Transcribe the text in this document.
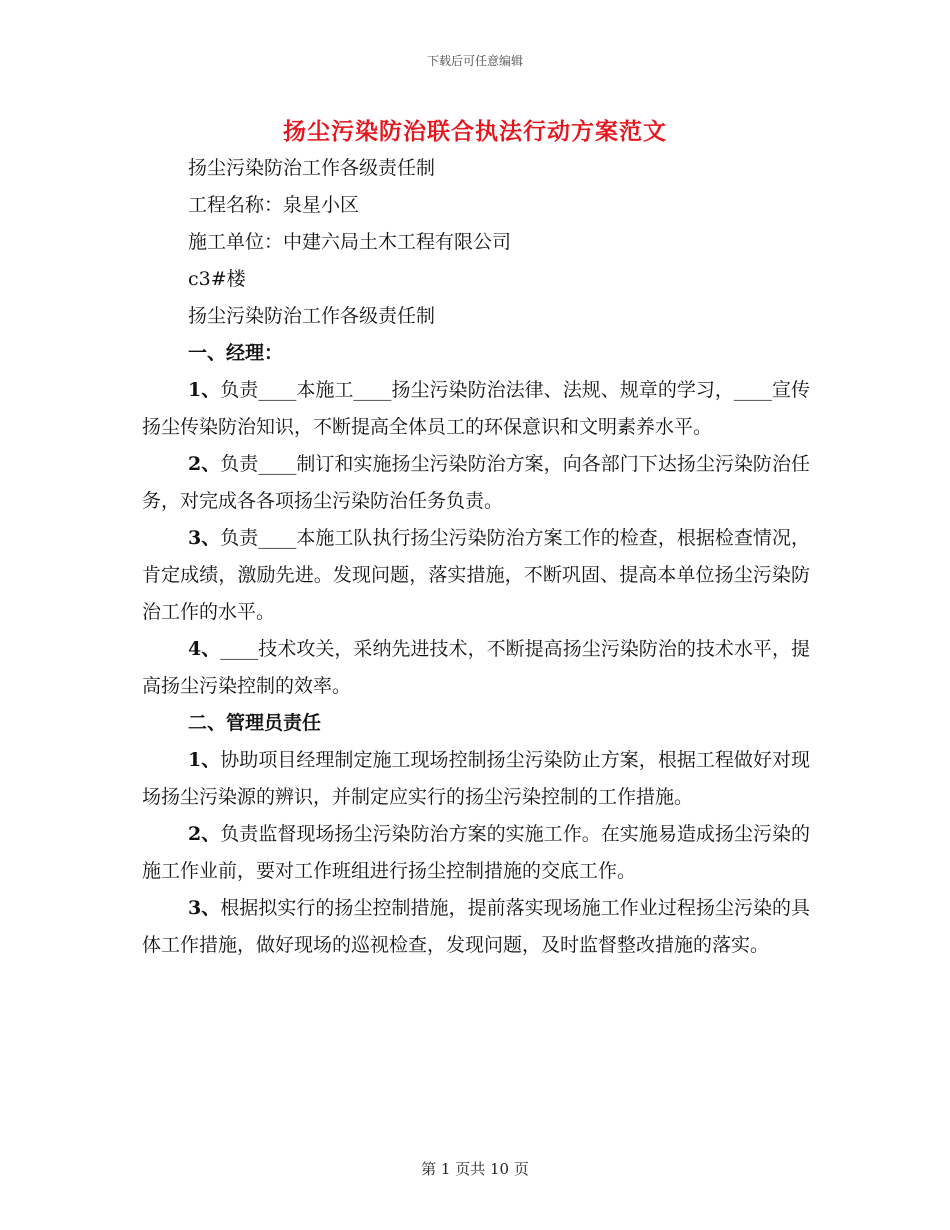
下载后可任意编辑
扬尘污染防治联合执法行动方案范文

扬尘污染防治工作各级责任制

工程名称：泉星小区

施工单位：中建六局土木工程有限公司

c3#楼

扬尘污染防治工作各级责任制

一、经理：

1、负责____本施工____扬尘污染防治法律、法规、规章的学习，____宣传扬尘传染防治知识，不断提高全体员工的环保意识和文明素养水平。

2、负责____制订和实施扬尘污染防治方案，向各部门下达扬尘污染防治任务，对完成各各项扬尘污染防治任务负责。

3、负责____本施工队执行扬尘污染防治方案工作的检查，根据检查情况，肯定成绩，激励先进。发现问题，落实措施，不断巩固、提高本单位扬尘污染防治工作的水平。

4、____技术攻关，采纳先进技术，不断提高扬尘污染防治的技术水平，提高扬尘污染控制的效率。

二、管理员责任

1、协助项目经理制定施工现场控制扬尘污染防止方案，根据工程做好对现场扬尘污染源的辨识，并制定应实行的扬尘污染控制的工作措施。

2、负责监督现场扬尘污染防治方案的实施工作。在实施易造成扬尘污染的施工作业前，要对工作班组进行扬尘控制措施的交底工作。

3、根据拟实行的扬尘控制措施，提前落实现场施工作业过程扬尘污染的具体工作措施，做好现场的巡视检查，发现问题，及时监督整改措施的落实。

第 1 页共 10 页
